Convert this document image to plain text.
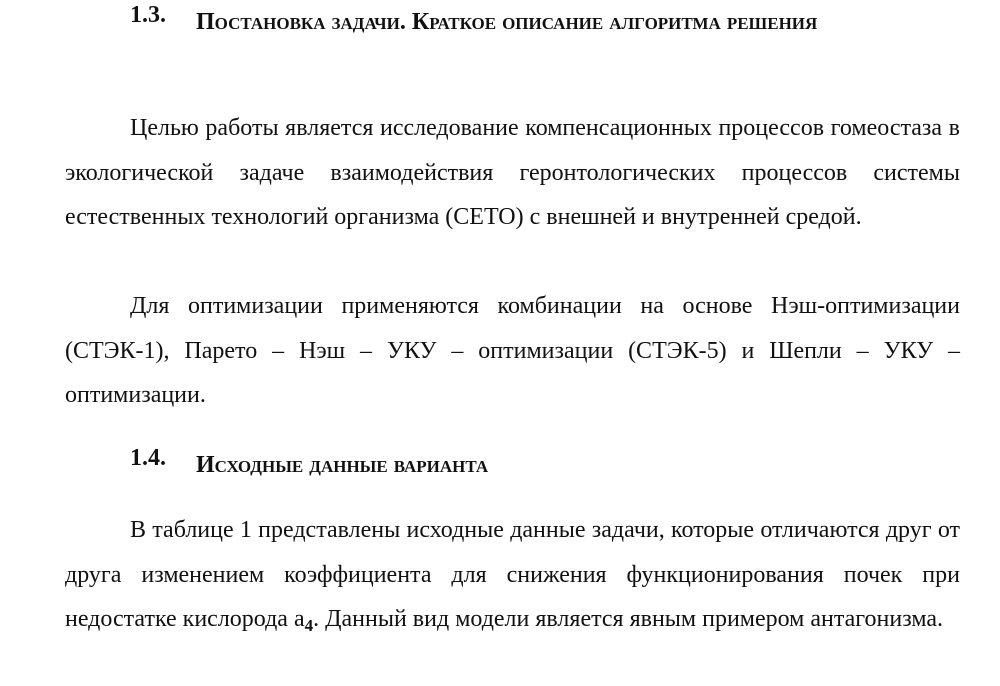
1.3. Постановка задачи. Краткое описание алгоритма решения

Целью работы является исследование компенсационных процессов гомеостаза в экологической задаче взаимодействия геронтологических процессов системы естественных технологий организма (СЕТО) с внешней и внутренней средой.

Для оптимизации применяются комбинации на основе Нэш-оптимизации (СТЭК-1), Парето – Нэш – УКУ – оптимизации (СТЭК-5) и Шепли – УКУ – оптимизации.

1.4. Исходные данные варианта

В таблице 1 представлены исходные данные задачи, которые отличаются друг от друга изменением коэффициента для снижения функционирования почек при недостатке кислорода $a_4$. Данный вид модели является явным примером антагонизма.
